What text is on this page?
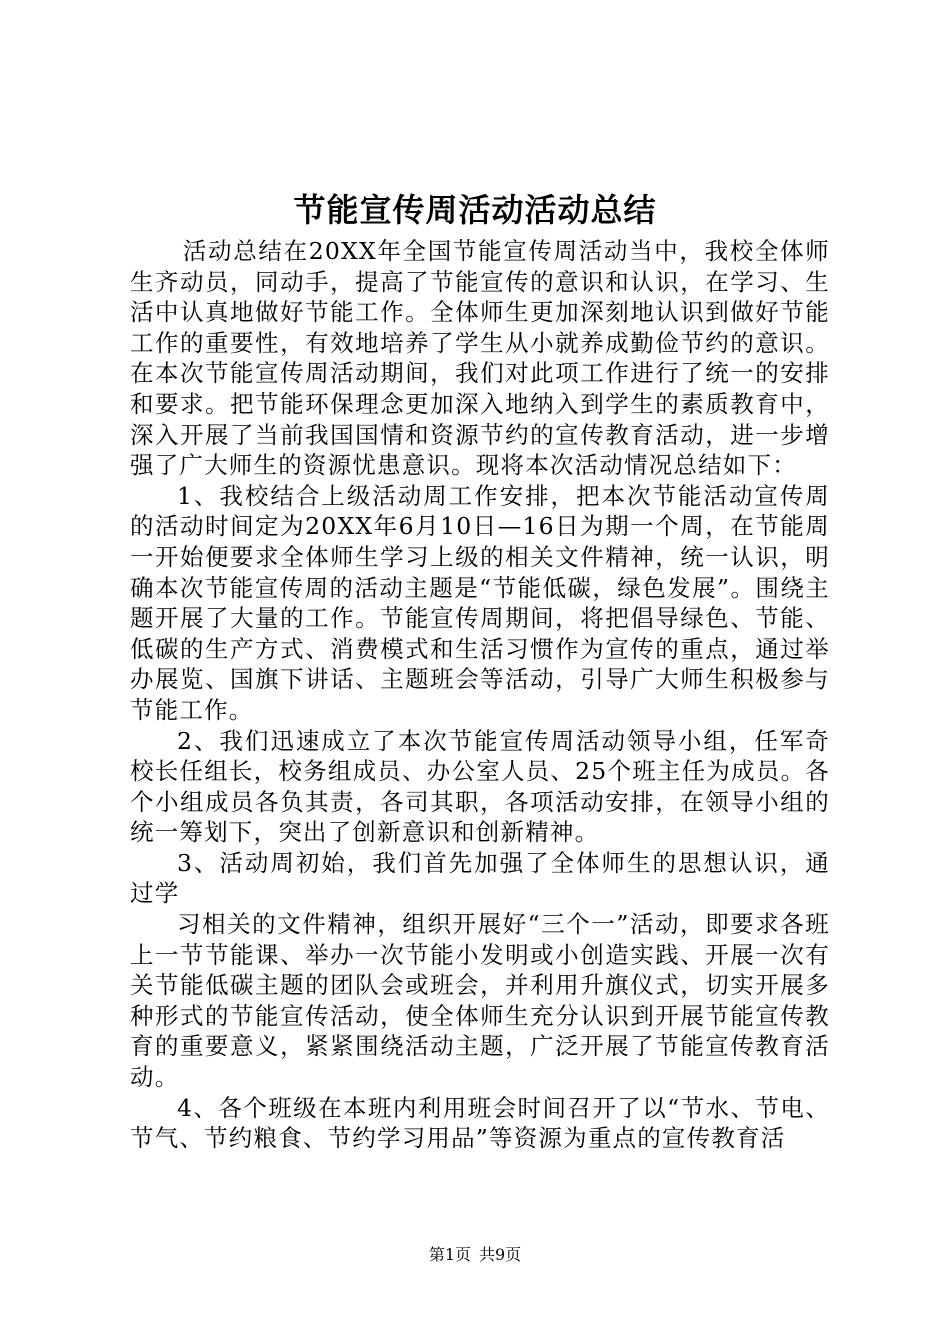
节能宣传周活动活动总结

活动总结在20XX年全国节能宣传周活动当中，我校全体师生齐动员，同动手，提高了节能宣传的意识和认识，在学习、生活中认真地做好节能工作。全体师生更加深刻地认识到做好节能工作的重要性，有效地培养了学生从小就养成勤俭节约的意识。在本次节能宣传周活动期间，我们对此项工作进行了统一的安排和要求。把节能环保理念更加深入地纳入到学生的素质教育中，深入开展了当前我国国情和资源节约的宣传教育活动，进一步增强了广大师生的资源忧患意识。现将本次活动情况总结如下：

1、我校结合上级活动周工作安排，把本次节能活动宣传周的活动时间定为20XX年6月10日—16日为期一个周，在节能周一开始便要求全体师生学习上级的相关文件精神，统一认识，明确本次节能宣传周的活动主题是“节能低碳，绿色发展”。围绕主题开展了大量的工作。节能宣传周期间，将把倡导绿色、节能、低碳的生产方式、消费模式和生活习惯作为宣传的重点，通过举办展览、国旗下讲话、主题班会等活动，引导广大师生积极参与节能工作。

2、我们迅速成立了本次节能宣传周活动领导小组，任军奇校长任组长，校务组成员、办公室人员、25个班主任为成员。各个小组成员各负其责，各司其职，各项活动安排，在领导小组的统一筹划下，突出了创新意识和创新精神。

3、活动周初始，我们首先加强了全体师生的思想认识，通过学

习相关的文件精神，组织开展好“三个一”活动，即要求各班上一节节能课、举办一次节能小发明或小创造实践、开展一次有关节能低碳主题的团队会或班会，并利用升旗仪式，切实开展多种形式的节能宣传活动，使全体师生充分认识到开展节能宣传教育的重要意义，紧紧围绕活动主题，广泛开展了节能宣传教育活动。

4、各个班级在本班内利用班会时间召开了以“节水、节电、节气、节约粮食、节约学习用品”等资源为重点的宣传教育活

第1页 共9页
